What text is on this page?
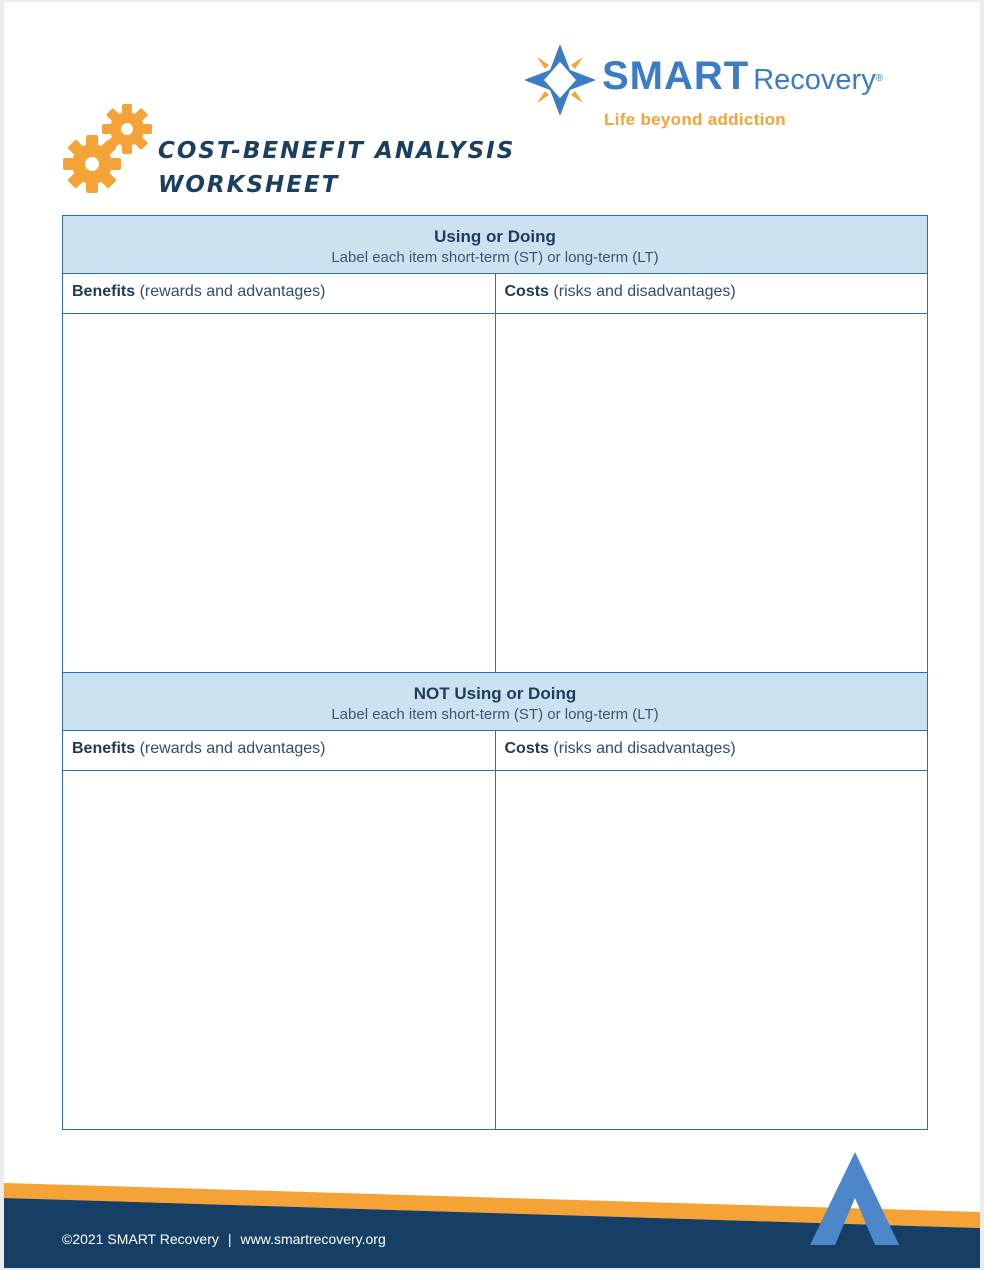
SMART Recovery®
Life beyond addiction
COST-BENEFIT ANALYSIS
WORKSHEET
Using or Doing
Label each item short-term (ST) or long-term (LT)
Benefits (rewards and advantages)	Costs (risks and disadvantages)
NOT Using or Doing
Label each item short-term (ST) or long-term (LT)
Benefits (rewards and advantages)	Costs (risks and disadvantages)
©2021 SMART Recovery | www.smartrecovery.org
